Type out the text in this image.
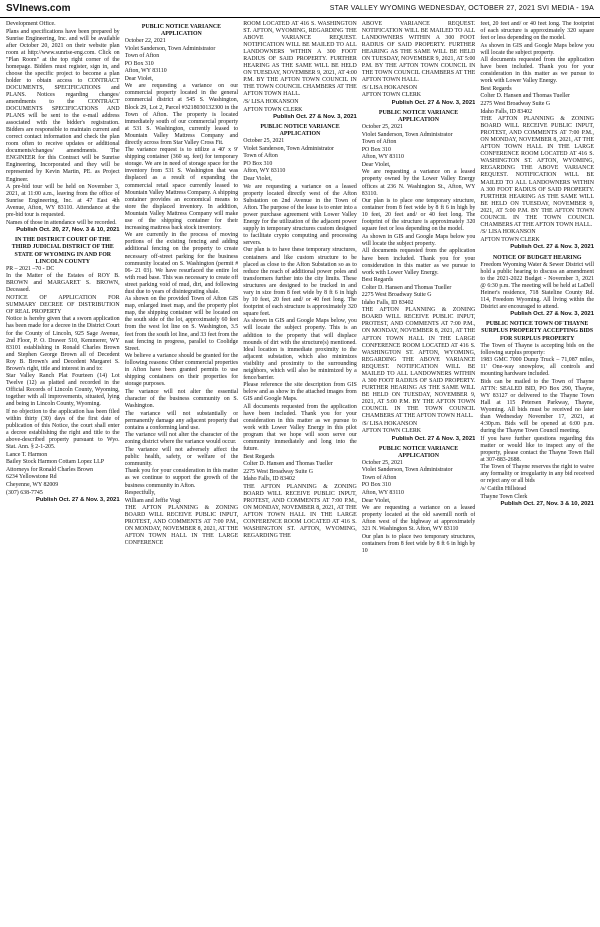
SVInews.com	STAR VALLEY WYOMING WEDNESDAY, OCTOBER 27, 2021 SVI MEDIA - 19A

Development Office.

Plans and specifications have been prepared by Sunrise Engineering, Inc. and will be available after October 20, 2021 on their website plan room at http://www.sunrise-eng.com. Click on "Plan Room" at the top right corner of the homepage. Bidders must register, sign in, and choose the specific project to become a plan holder to obtain access to CONTRACT DOCUMENTS, SPECIFICATIONS and PLANS. Notices regarding changes/ amendments to the CONTRACT DOCUMENTS SPECIFICATIONS AND PLANS will be sent to the e-mail address associated with the bidder's registration. Bidders are responsible to maintain current and correct contact information and check the plan room often to receive updates or additional documents/changes/ amendments. The ENGINEER for this Contract will be Sunrise Engineering, Incorporated and they will be represented by Kevin Martin, PE. as Project Engineer.

A pre-bid tour will be held on November 3, 2021, at 11:00 a.m., leaving from the office of Sunrise Engineering, Inc. at 47 East 4th Avenue, Afton, WY 83110. Attendance at the pre-bid tour is requested.

Names of those in attendance will be recorded.

Publish Oct. 20, 27, Nov. 3 & 10, 2021

IN THE DISTRICT COURT OF THE THIRD JUDICIAL DISTRICT OF THE STATE OF WYOMING IN AND FOR LINCOLN COUNTY

PR – 2021 –70 - DC

In the Matter of the Estates of ROY B. BROWN and MARGARET S. BROWN, Deceased.

NOTICE OF APPLICATION FOR SUMMARY DECREE OF DISTRIBUTION OF REAL PROPERTY

Notice is hereby given that a sworn application has been made for a decree in the District Court for the County of Lincoln, 925 Sage Avenue, 2nd Floor, P. O. Drawer 510, Kemmerer, WY 83101 establishing in Ronald Charles Brown and Stephen George Brown all of Decedent Roy B. Brown's and Decedent Margaret S. Brown's right, title and interest in and to:

Star Valley Ranch Plat Fourteen (14) Lot Twelve (12) as platted and recorded in the Official Records of Lincoln County, Wyoming, together with all improvements, situated, lying and being in Lincoln County, Wyoming.

If no objection to the application has been filed within thirty (30) days of the first date of publication of this Notice, the court shall enter a decree establishing the right and title to the above-described property pursuant to Wyo. Stat. Ann. § 2-1-205.

Lance T. Harmon

Bailey Stock Harmon Cottam Lopez LLP

Attorneys for Ronald Charles Brown

6234 Yellowstone Rd

Cheyenne, WY 82009

(307) 638-7745

Publish Oct. 27 & Nov. 3, 2021

PUBLIC NOTICE VARIANCE APPLICATION

October 22, 2021

Violet Sanderson, Town Administrator

Town of Afton

PO Box 310

Afton, WY 83110

Dear Violet,

We are requesting a variance on our commercial property located in the general commercial district at 545 S. Washington, Block 29, Lot 2, Parcel #3218030132300 in the Town of Afton. The property is located immediately south of our commercial property at 531 S. Washington, currently leased to Mountain Valley Mattress Company and directly across from Star Valley Cross Fit.

The variance request is to utilize a 40' x 9' shipping container (360 sq. feet) for temporary storage. We are in need of storage space for the inventory from 531 S. Washington that was displaced as a result of expanding the commercial retail space currently leased to Mountain Valley Mattress Company. A shipping container provides an economical means to store the displaced inventory. In addition, Mountain Valley Mattress Company will make use of the shipping container for their increasing mattress back stock inventory.

We are currently in the process of moving portions of the existing fencing and adding additional fencing on the property to create necessary off-street parking for the business community located on S. Washington (permit # 06- 21 03). We have resurfaced the entire lot with road base. This was necessary to create off street parking void of mud, dirt, and following dust due to years of disintegrating shale.

As shown on the provided Town of Afton GIS map, enlarged inset map, and the property plot map, the shipping container will be located on the south side of the lot, approximately 60 feet from the west lot line on S. Washington, 3.5 feet from the south lot line, and 33 feet from the east fencing in progress, parallel to Coolidge Street.

We believe a variance should be granted for the following reasons: Other commercial properties in Afton have been granted permits to use shipping containers on their properties for storage purposes.

The variance will not alter the essential character of the business community on S. Washington.

The variance will not substantially or permanently damage any adjacent property that contains a conforming land use.

The variance will not alter the character of the zoning district where the variance would occur.

The variance will not adversely affect the public health, safety, or welfare of the community.

Thank you for your consideration in this matter as we continue to support the growth of the business community in Afton.

Respectfully,

William and Jeffie Vogt

THE AFTON PLANNING & ZONING BOARD WILL RECEIVE PUBLIC INPUT, PROTEST, AND COMMENTS AT 7:00 P.M., ON MONDAY, NOVEMBER 8, 2021, AT THE AFTON TOWN HALL IN THE LARGE CONFERENCE

ROOM LOCATED AT 416 S. WASHINGTON ST. AFTON, WYOMING, REGARDING THE ABOVE VARIANCE REQUEST. NOTIFICATION WILL BE MAILED TO ALL LANDOWNERS WITHIN A 300 FOOT RADIUS OF SAID PROPERTY. FURTHER HEARING AS THE SAME WILL BE HELD ON TUESDAY, NOVEMBER 9, 2021, AT 4:00 P.M. BY THE AFTON TOWN COUNCIL IN THE TOWN COUNCIL CHAMBERS AT THE AFTON TOWN HALL.

/S/ LISA HOKANSON

AFTON TOWN CLERK

Publish Oct. 27 & Nov. 3, 2021

PUBLIC NOTICE VARIANCE APPLICATION

October 25, 2021

Violet Sanderson, Town Administrator

Town of Afton

PO Box 310

Afton, WY 83110

Dear Violet,

We are requesting a variance on a leased property located directly west of the Afton Substation on 2nd Avenue in the Town of Afton. The purpose of the lease is to enter into a power purchase agreement with Lower Valley Energy for the utilization of the adjacent power supply in temporary structures custom designed to facilitate crypto computing and processing servers.

Our plan is to have these temporary structures, containers and like custom structure to be placed as close to the Afton Substation so as to reduce the reach of additional power poles and transformers further into the city limits. These structures are designed to be trucked in and vary in size from 8 feet wide by 8 ft 6 in high by 10 feet, 20 feet and/ or 40 feet long. The footprint of each structure is approximately 320 square feet.

As shown in GIS and Google Maps below, you will locate the subject property. This is an addition to the property that will displace mounds of dirt with the structure(s) mentioned. Ideal location is immediate proximity to the adjacent substation, which also minimizes visibility and proximity to the surrounding neighbors, which will also be minimized by a fence/barrier.

Please reference the site description from GIS below and as show in the attached images from GIS and Google Maps.

All documents requested from the application have been included. Thank you for your consideration in this matter as we pursue to work with Lower Valley Energy in this pilot program that we hope will soon serve our community immediately and long into the future.

Best Regards

Colter D. Hansen and Thomas Tueller

2275 West Broadway Suite G

Idaho Falls, ID 83402

THE AFTON PLANNING & ZONING BOARD WILL RECEIVE PUBLIC INPUT, PROTEST, AND COMMENTS AT 7:00 P.M., ON MONDAY, NOVEMBER 8, 2021, AT THE AFTON TOWN HALL IN THE LARGE CONFERENCE ROOM LOCATED AT 416 S. WASHINGTON ST. AFTON, WYOMING, REGARDING THE

ABOVE VARIANCE REQUEST. NOTIFICATION WILL BE MAILED TO ALL LANDOWNERS WITHIN A 300 FOOT RADIUS OF SAID PROPERTY. FURTHER HEARING AS THE SAME WILL BE HELD ON TUESDAY, NOVEMBER 9, 2021, AT 5:00 P.M. BY THE AFTON TOWN COUNCIL IN THE TOWN COUNCIL CHAMBERS AT THE AFTON TOWN HALL.

/S/ LISA HOKANSON

AFTON TOWN CLERK

Publish Oct. 27 & Nov. 3, 2021

PUBLIC NOTICE VARIANCE APPLICATION

October 25, 2021

Violet Sanderson, Town Administrator

Town of Afton

PO Box 310

Afton, WY 83110

Dear Violet,

We are requesting a variance on a leased property owned by the Lower Valley Energy offices at 236 N. Washington St., Afton, WY 83110.

Our plan is to place one temporary structure, container from 8 feet wide by 8 ft 6 in high by 10 feet, 20 feet and/ or 40 feet long. The footprint of the structure is approximately 320 square feet or less depending on the model.

As shown in GIS and Google Maps below you will locate the subject property.

All documents requested from the application have been included. Thank you for your consideration in this matter as we pursue to work with Lower Valley Energy.

Best Regards

Colter D. Hansen and Thomas Tueller

2275 West Broadway Suite G

Idaho Falls, ID 83402

THE AFTON PLANNING & ZONING BOARD WILL RECEIVE PUBLIC INPUT, PROTEST, AND COMMENTS AT 7:00 P.M., ON MONDAY, NOVEMBER 8, 2021, AT THE AFTON TOWN HALL IN THE LARGE CONFERENCE ROOM LOCATED AT 416 S. WASHINGTON ST. AFTON, WYOMING, REGARDING THE ABOVE VARIANCE REQUEST. NOTIFICATION WILL BE MAILED TO ALL LANDOWNERS WITHIN A 300 FOOT RADIUS OF SAID PROPERTY. FURTHER HEARING AS THE SAME WILL BE HELD ON TUESDAY, NOVEMBER 9, 2021, AT 5:00 P.M. BY THE AFTON TOWN COUNCIL IN THE TOWN COUNCIL CHAMBERS AT THE AFTON TOWN HALL.

/S/ LISA HOKANSON

AFTON TOWN CLERK

Publish Oct. 27 & Nov. 3, 2021

PUBLIC NOTICE VARIANCE APPLICATION

October 25, 2021

Violet Sanderson, Town Administrator

Town of Afton

PO Box 310

Afton, WY 83110

Dear Violet,

We are requesting a variance on a leased property located at the old sawmill north of Afton west of the highway at approximately 321 N. Washington St. Afton, WY 83110

Our plan is to place two temporary structures, containers from 8 feet wide by 8 ft 6 in high by 10

feet, 20 feet and/ or 40 feet long. The footprint of each structure is approximately 320 square feet or less depending on the model.

As shown in GIS and Google Maps below you will locate the subject property.

All documents requested from the application have been included. Thank you for your consideration in this matter as we pursue to work with Lower Valley Energy.

Best Regards

Colter D. Hansen and Thomas Tueller

2275 West Broadway Suite G

Idaho Falls, ID 83402

THE AFTON PLANNING & ZONING BOARD WILL RECEIVE PUBLIC INPUT, PROTEST, AND COMMENTS AT 7:00 P.M., ON MONDAY, NOVEMBER 8, 2021, AT THE AFTON TOWN HALL IN THE LARGE CONFERENCE ROOM LOCATED AT 416 S. WASHINGTON ST. AFTON, WYOMING, REGARDING THE ABOVE VARIANCE REQUEST. NOTIFICATION WILL BE MAILED TO ALL LANDOWNERS WITHIN A 300 FOOT RADIUS OF SAID PROPERTY. FURTHER HEARING AS THE SAME WILL BE HELD ON TUESDAY, NOVEMBER 9, 2021, AT 5:00 P.M. BY THE AFTON TOWN COUNCIL IN THE TOWN COUNCIL CHAMBERS AT THE AFTON TOWN HALL.

/S/ LISA HOKANSON

AFTON TOWN CLERK

Publish Oct. 27 & Nov. 3, 2021

NOTICE OF BUDGET HEARING

Freedom Wyoming Water & Sewer District will hold a public hearing to discuss an amendment to the 2021-2022 Budget - November 3, 2021 @ 6:30 p.m. The meeting will be held at LaDell Heiner's residence, 718 Stateline County Rd. 114, Freedom Wyoming. All living within the District are encouraged to attend.

Publish Oct. 27 & Nov. 3, 2021

PUBLIC NOTICE TOWN OF THAYNE SURPLUS PROPERTY ACCEPTING BIDS FOR SURPLUS PROPERTY

The Town of Thayne is accepting bids on the following surplus property:

1983 GMC 7000 Dump Truck – 71,087 miles, 11' One-way snowplow, all controls and mounting hardware included.

Bids can be mailed to the Town of Thayne ATTN: SEALED BID, PO Box 290, Thayne, WY 83127 or delivered to the Thayne Town Hall at 115 Petersen Parkway, Thayne, Wyoming. All bids must be received no later than Wednesday November 17, 2021, at 4:30p.m. Bids will be opened at 6:00 p.m. during the Thayne Town Council meeting.

If you have further questions regarding this matter or would like to inspect any of the property, please contact the Thayne Town Hall at 307-883-2688.

The Town of Thayne reserves the right to waive any formality or irregularity in any bid received or reject any or all bids

/s/ Caitlin Hillstead

Thayne Town Clerk

Publish Oct. 27, Nov. 3 & 10, 2021
